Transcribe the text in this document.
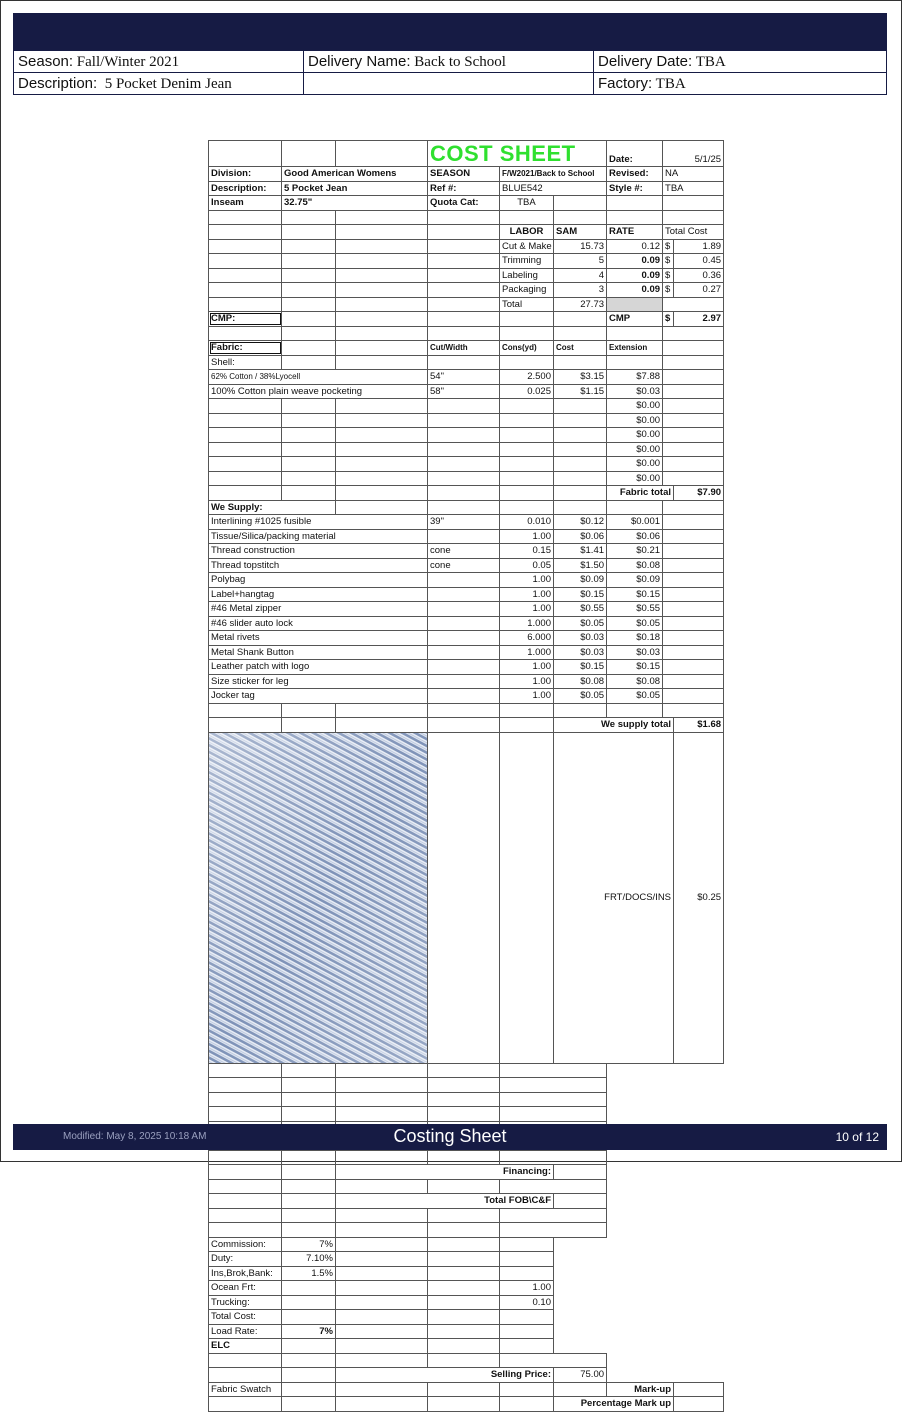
Season: Fall/Winter 2021	Delivery Name: Back to School	Delivery Date: TBA
Description: 5 Pocket Denim Jean		Factory: TBA
			COST SHEET			Date:	5/1/25	
Division:	Good American Womens		SEASON	F/W2021/Back to School		Revised:	NA	
Description:	5 Pocket Jean		Ref #:	BLUE542		Style #:	TBA	
Inseam	32.75"		Quota Cat:	TBA				

				LABOR	SAM	RATE	Total Cost	
				Cut & Make	15.73	0.12	$	1.89
				Trimming	5	0.09	$	0.45
				Labeling	4	0.09	$	0.36
				Packaging	3	0.09	$	0.27
				Total	27.73			
CMP:						CMP	$	2.97

Fabric:			Cut/Width	Cons(yd)	Cost	Extension		
Shell:								
62% Cotton / 38%Lyocell			54"	2.500	$3.15	$7.88		
100% Cotton plain weave pocketing			58"	0.025	$1.15	$0.03		
						$0.00		
						$0.00		
						$0.00		
						$0.00		
						$0.00		
						$0.00		
						Fabric total		$7.90
We Supply:								
Interlining #1025 fusible			39"	0.010	$0.12	$0.001		
Tissue/Silica/packing material				1.00	$0.06	$0.06		
Thread construction			cone	0.15	$1.41	$0.21		
Thread topstitch			cone	0.05	$1.50	$0.08		
Polybag				1.00	$0.09	$0.09		
Label+hangtag				1.00	$0.15	$0.15		
#46 Metal zipper				1.00	$0.55	$0.55		
#46 slider auto lock				1.000	$0.05	$0.05		
Metal rivets				6.000	$0.03	$0.18		
Metal Shank Button				1.000	$0.03	$0.03		
Leather patch with logo				1.00	$0.15	$0.15		
Size sticker for leg				1.00	$0.08	$0.08		
Jocker tag				1.00	$0.05	$0.05		

					We supply total			$1.68

			FRT/DOCS/INS			$0.25

		Financing:						

		Total FOB\C&F						

Commission:	7%							
Duty:	7.10%							
Ins,Brok,Bank:	1.5%							
Ocean Frt:				1.00				
Trucking:				0.10				
Total Cost:								
Load Rate:	7%							
ELC								

		Selling Price:			75.00			
Fabric Swatch						Mark-up		
					Percentage Mark up			
Modified: May 8, 2025 10:18 AM	Costing Sheet	10 of 12
